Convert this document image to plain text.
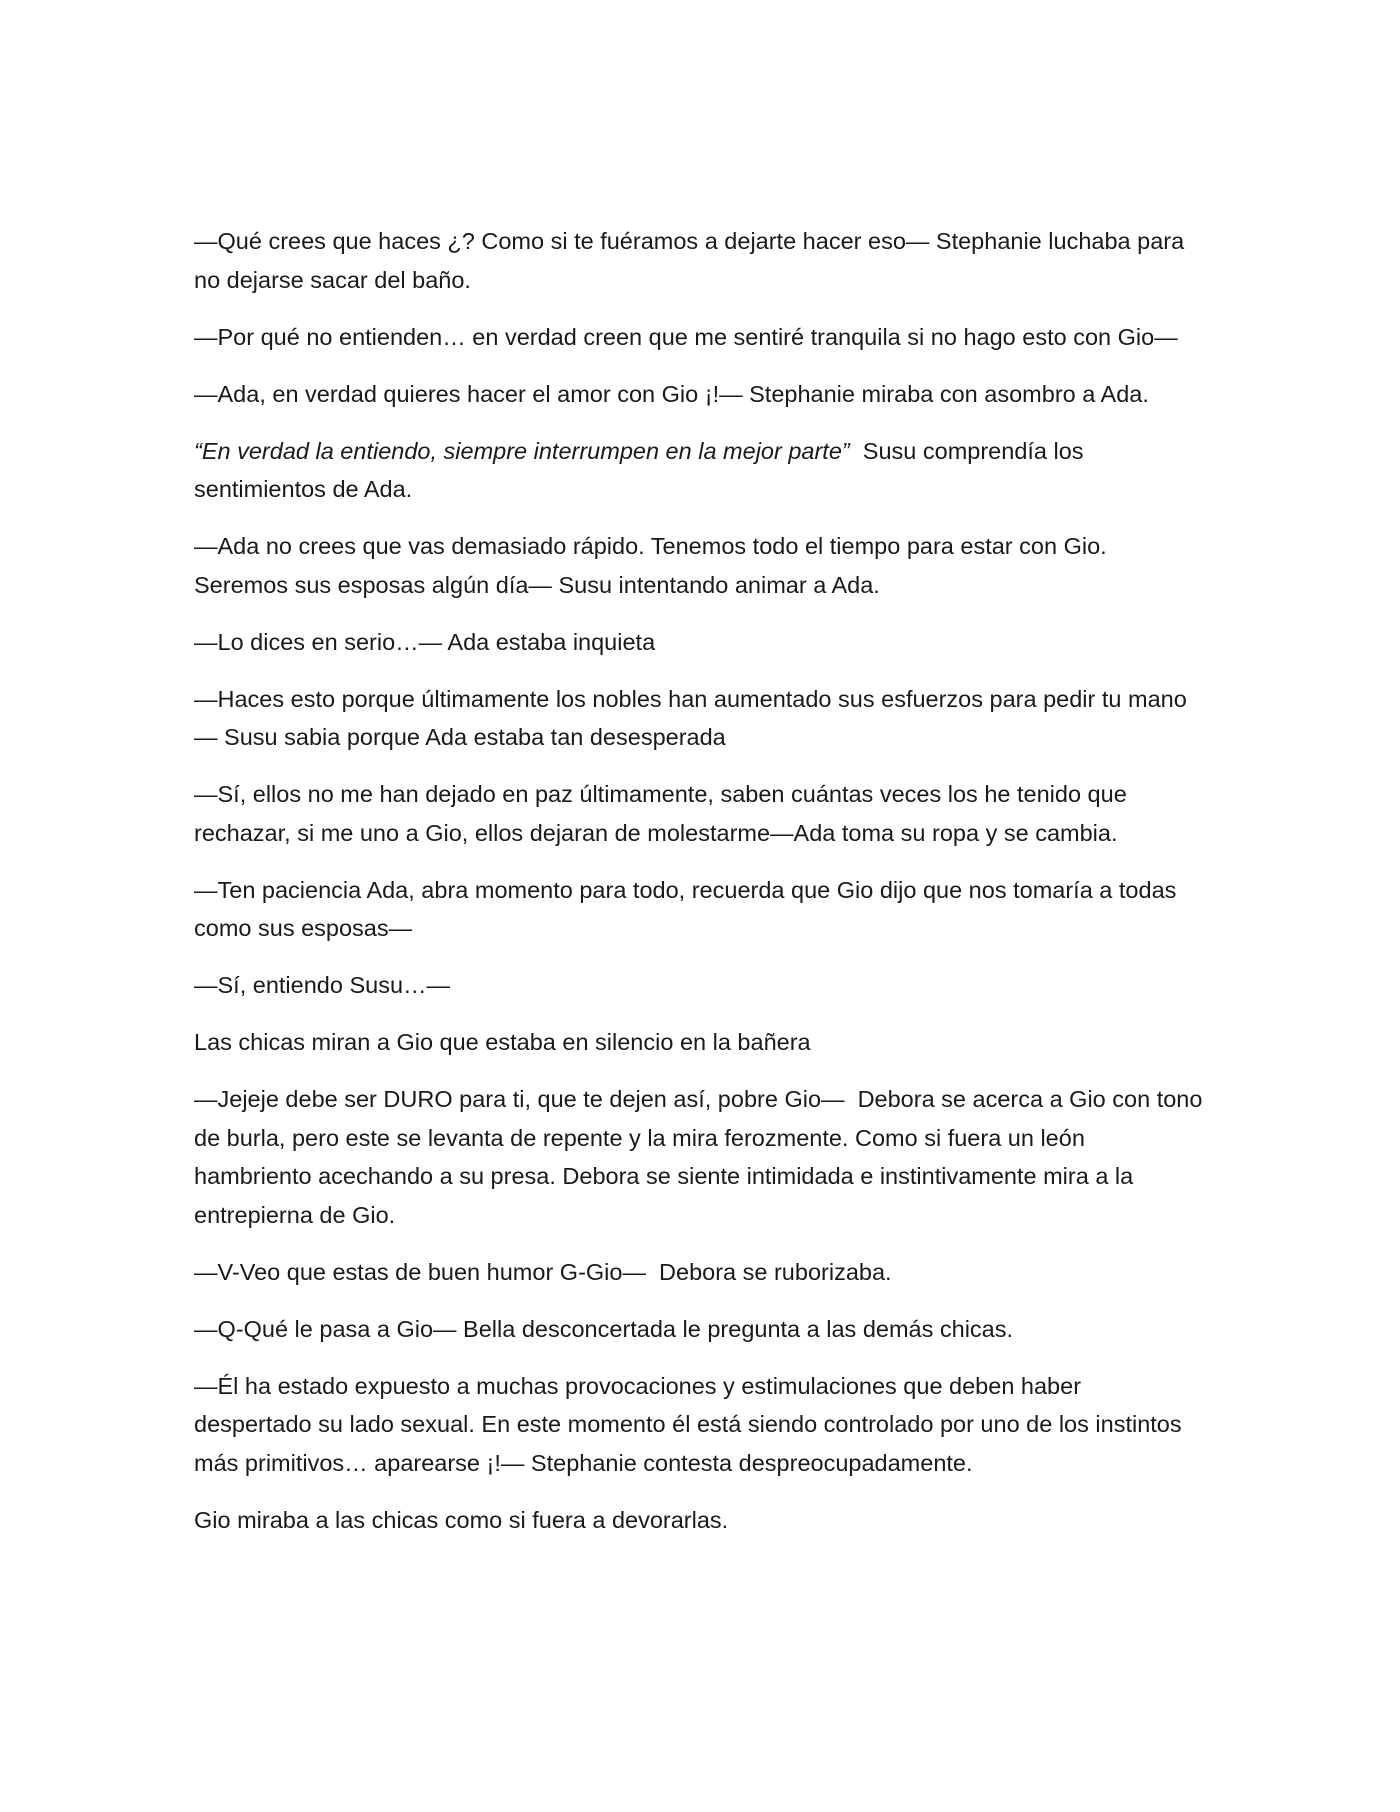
—Qué crees que haces ¿? Como si te fuéramos a dejarte hacer eso— Stephanie luchaba para no dejarse sacar del baño.

—Por qué no entienden… en verdad creen que me sentiré tranquila si no hago esto con Gio—

—Ada, en verdad quieres hacer el amor con Gio ¡!— Stephanie miraba con asombro a Ada.

“En verdad la entiendo, siempre interrumpen en la mejor parte”  Susu comprendía los sentimientos de Ada.

—Ada no crees que vas demasiado rápido. Tenemos todo el tiempo para estar con Gio. Seremos sus esposas algún día— Susu intentando animar a Ada.

—Lo dices en serio…— Ada estaba inquieta

—Haces esto porque últimamente los nobles han aumentado sus esfuerzos para pedir tu mano— Susu sabia porque Ada estaba tan desesperada

—Sí, ellos no me han dejado en paz últimamente, saben cuántas veces los he tenido que rechazar, si me uno a Gio, ellos dejaran de molestarme—Ada toma su ropa y se cambia.

—Ten paciencia Ada, abra momento para todo, recuerda que Gio dijo que nos tomaría a todas como sus esposas—

—Sí, entiendo Susu…—

Las chicas miran a Gio que estaba en silencio en la bañera

—Jejeje debe ser DURO para ti, que te dejen así, pobre Gio—  Debora se acerca a Gio con tono de burla, pero este se levanta de repente y la mira ferozmente. Como si fuera un león hambriento acechando a su presa. Debora se siente intimidada e instintivamente mira a la entrepierna de Gio.

—V-Veo que estas de buen humor G-Gio—  Debora se ruborizaba.

—Q-Qué le pasa a Gio— Bella desconcertada le pregunta a las demás chicas.

—Él ha estado expuesto a muchas provocaciones y estimulaciones que deben haber despertado su lado sexual. En este momento él está siendo controlado por uno de los instintos más primitivos… aparearse ¡!— Stephanie contesta despreocupadamente.

Gio miraba a las chicas como si fuera a devorarlas.
